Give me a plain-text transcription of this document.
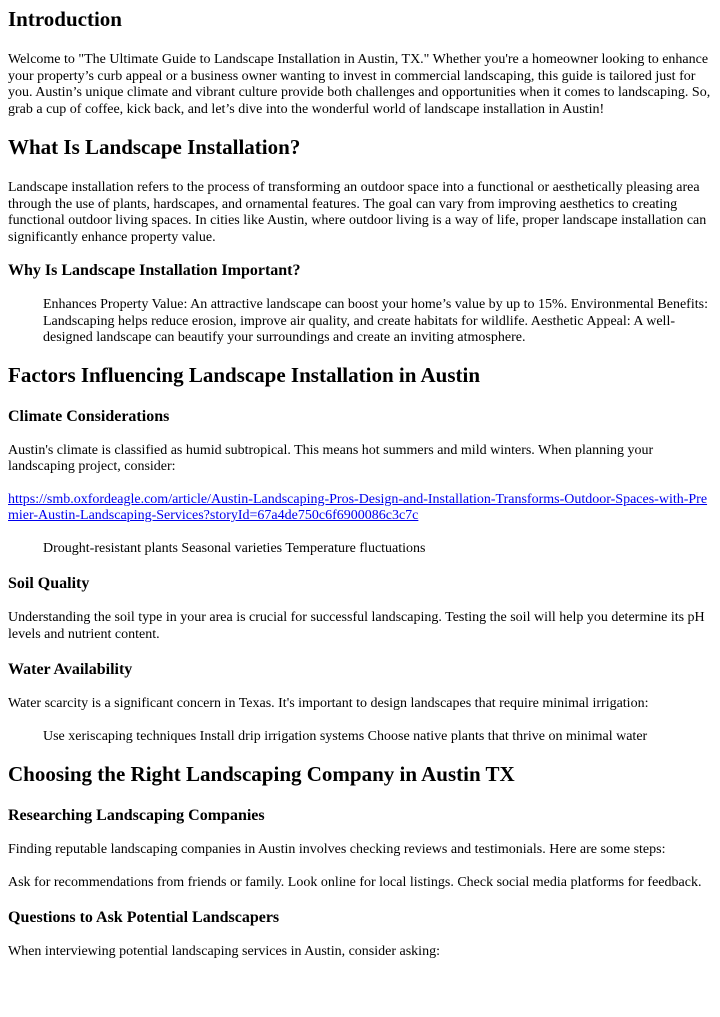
Introduction

Welcome to "The Ultimate Guide to Landscape Installation in Austin, TX." Whether you're a homeowner looking to enhance your property’s curb appeal or a business owner wanting to invest in commercial landscaping, this guide is tailored just for you. Austin’s unique climate and vibrant culture provide both challenges and opportunities when it comes to landscaping. So, grab a cup of coffee, kick back, and let’s dive into the wonderful world of landscape installation in Austin!

What Is Landscape Installation?

Landscape installation refers to the process of transforming an outdoor space into a functional or aesthetically pleasing area through the use of plants, hardscapes, and ornamental features. The goal can vary from improving aesthetics to creating functional outdoor living spaces. In cities like Austin, where outdoor living is a way of life, proper landscape installation can significantly enhance property value.

Why Is Landscape Installation Important?
Enhances Property Value: An attractive landscape can boost your home’s value by up to 15%. Environmental Benefits: Landscaping helps reduce erosion, improve air quality, and create habitats for wildlife. Aesthetic Appeal: A well-designed landscape can beautify your surroundings and create an inviting atmosphere.
Factors Influencing Landscape Installation in Austin
Climate Considerations

Austin's climate is classified as humid subtropical. This means hot summers and mild winters. When planning your landscaping project, consider:

https://smb.oxfordeagle.com/article/Austin-Landscaping-Pros-Design-and-Installation-Transforms-Outdoor-Spaces-with-Premier-Austin-Landscaping-Services?storyId=67a4de750c6f6900086c3c7c
Drought-resistant plants Seasonal varieties Temperature fluctuations
Soil Quality

Understanding the soil type in your area is crucial for successful landscaping. Testing the soil will help you determine its pH levels and nutrient content.

Water Availability

Water scarcity is a significant concern in Texas. It's important to design landscapes that require minimal irrigation:

Use xeriscaping techniques Install drip irrigation systems Choose native plants that thrive on minimal water
Choosing the Right Landscaping Company in Austin TX
Researching Landscaping Companies

Finding reputable landscaping companies in Austin involves checking reviews and testimonials. Here are some steps:

Ask for recommendations from friends or family. Look online for local listings. Check social media platforms for feedback.

Questions to Ask Potential Landscapers

When interviewing potential landscaping services in Austin, consider asking:
